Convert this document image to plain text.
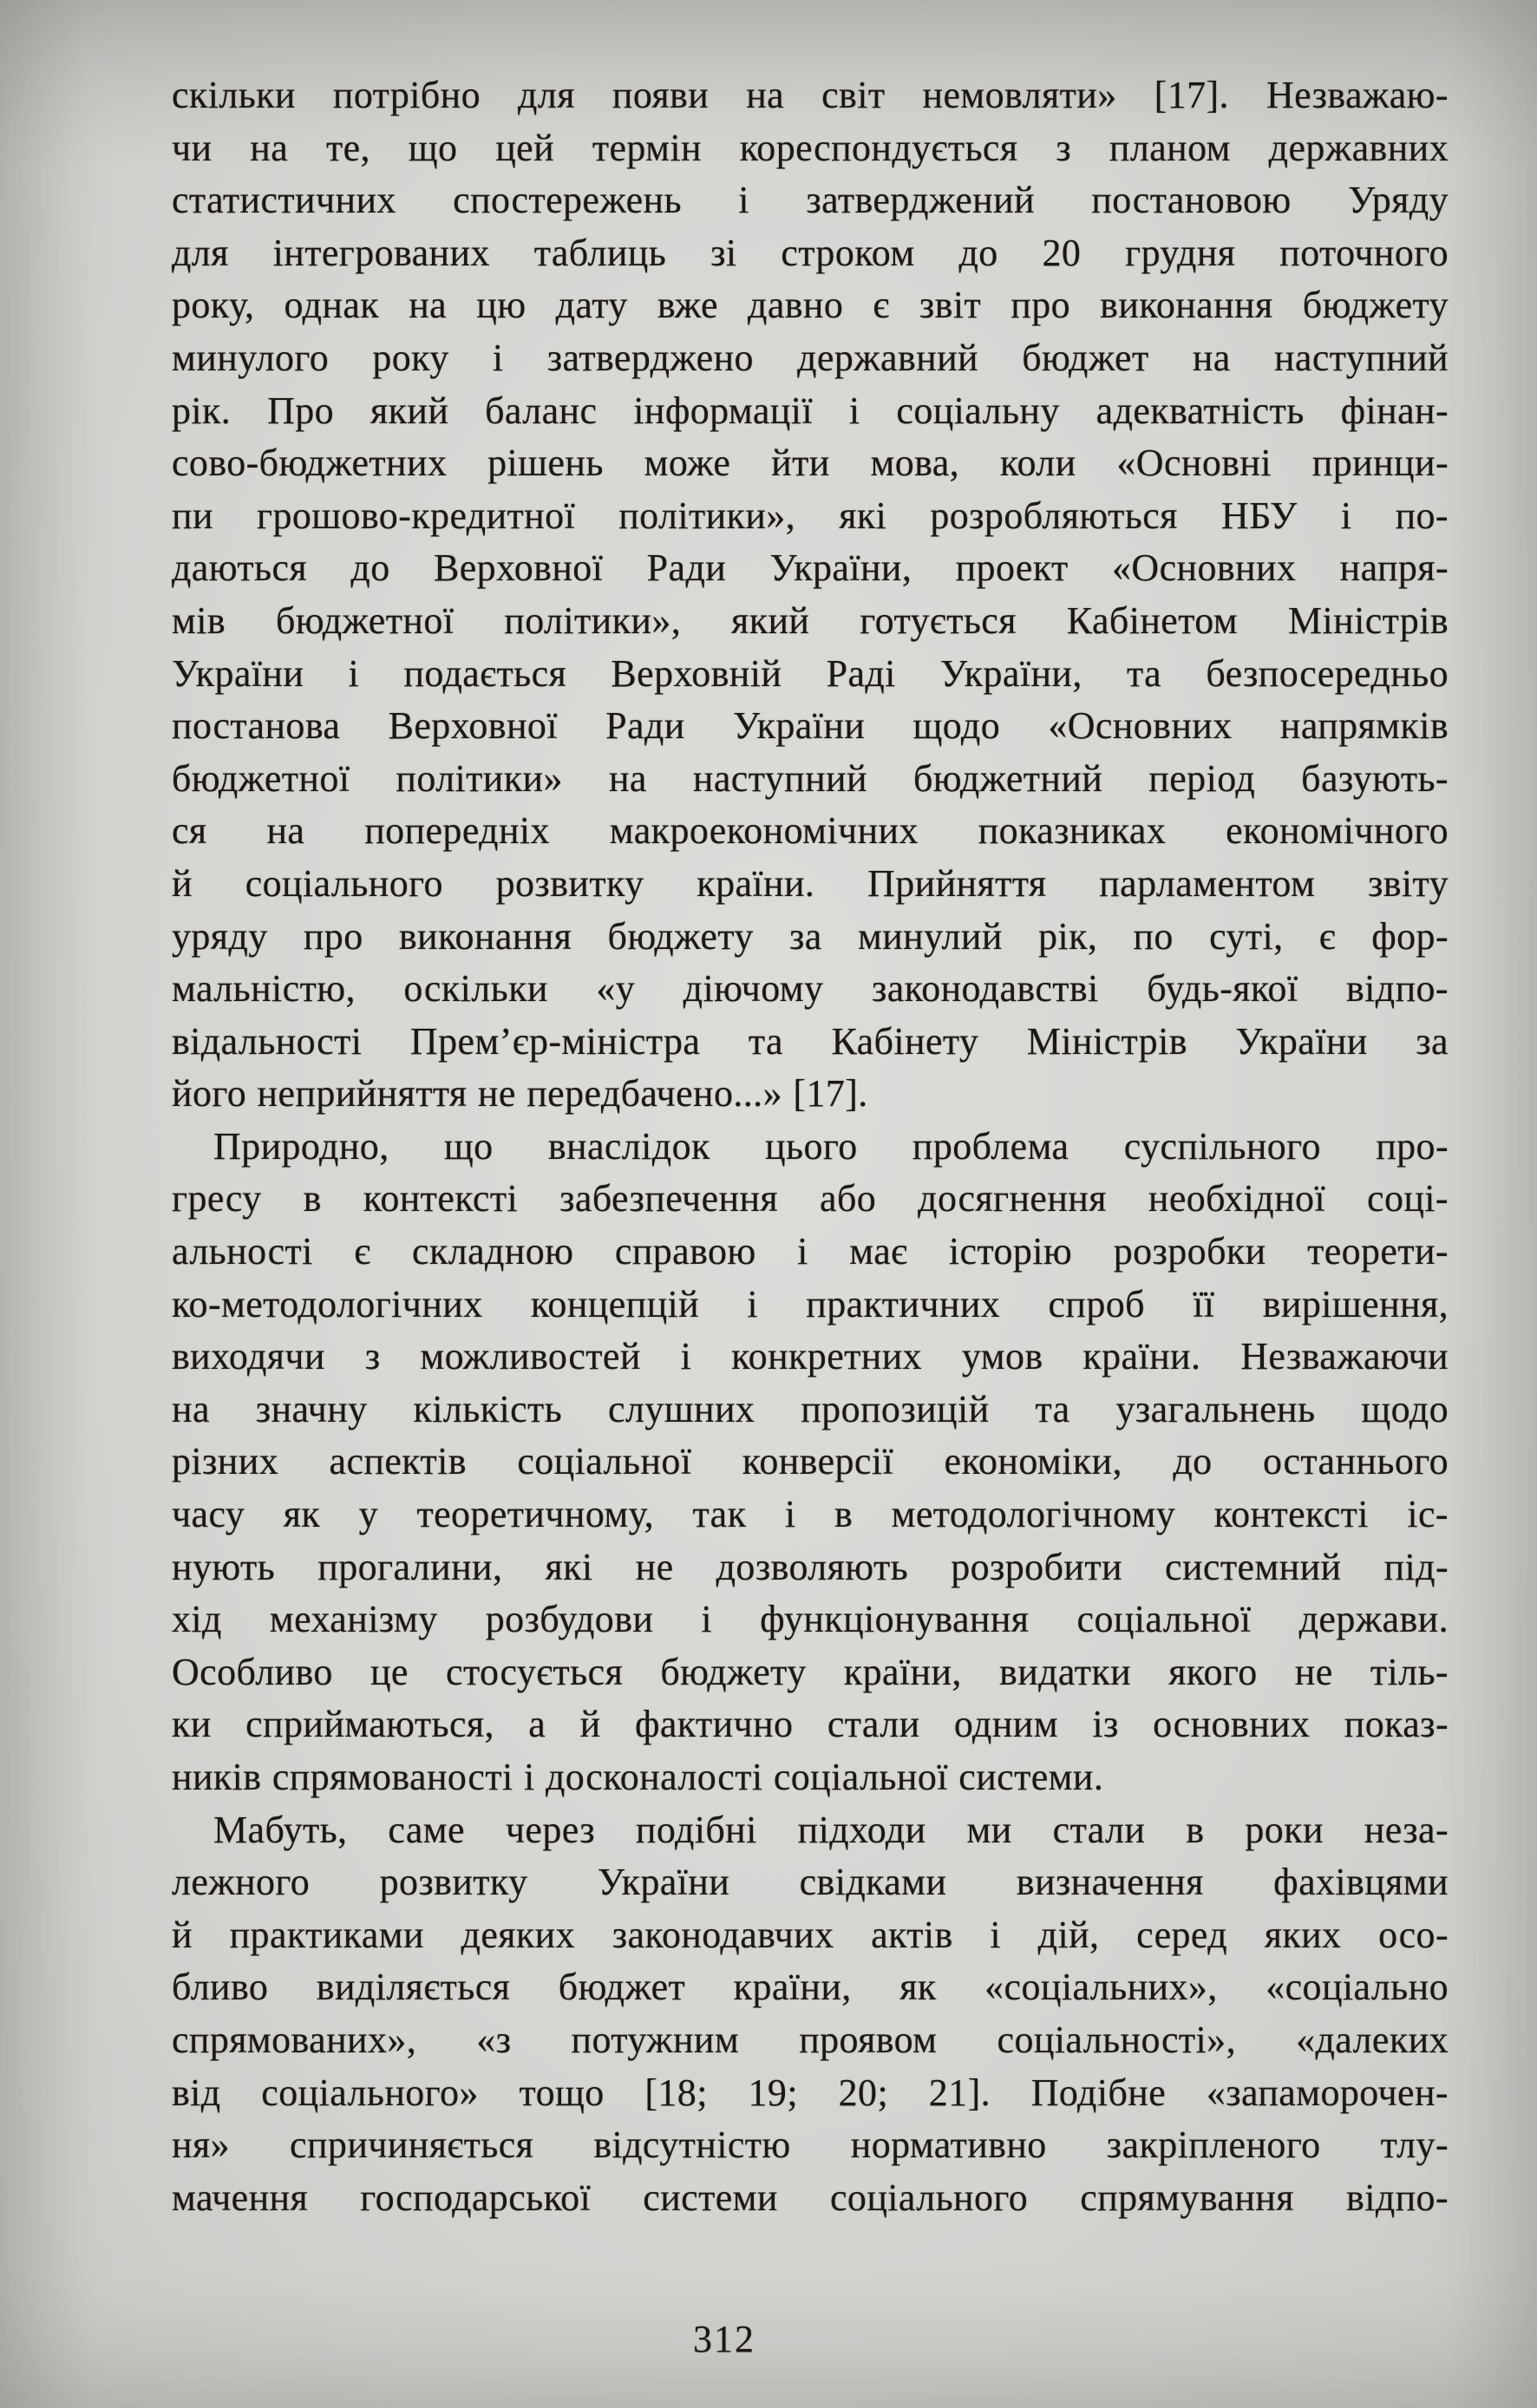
скільки потрібно для появи на світ немовляти» [17]. Незважаю-

чи на те, що цей термін кореспондується з планом державних

статистичних спостережень і затверджений постановою Уряду

для інтегрованих таблиць зі строком до 20 грудня поточного

року, однак на цю дату вже давно є звіт про виконання бюджету

минулого року і затверджено державний бюджет на наступний

рік. Про який баланс інформації і соціальну адекватність фінан-

сово-бюджетних рішень може йти мова, коли «Основні принци-

пи грошово-кредитної політики», які розробляються НБУ і по-

даються до Верховної Ради України, проект «Основних напря-

мів бюджетної політики», який готується Кабінетом Міністрів

України і подається Верховній Раді України, та безпосередньо

постанова Верховної Ради України щодо «Основних напрямків

бюджетної політики» на наступний бюджетний період базують-

ся на попередніх макроекономічних показниках економічного

й соціального розвитку країни. Прийняття парламентом звіту

уряду про виконання бюджету за минулий рік, по суті, є фор-

мальністю, оскільки «у діючому законодавстві будь-якої відпо-

відальності Прем’єр-міністра та Кабінету Міністрів України за

його неприйняття не передбачено...» [17].

Природно, що внаслідок цього проблема суспільного про-

гресу в контексті забезпечення або досягнення необхідної соці-

альності є складною справою і має історію розробки теорети-

ко-методологічних концепцій і практичних спроб її вирішення,

виходячи з можливостей і конкретних умов країни. Незважаючи

на значну кількість слушних пропозицій та узагальнень щодо

різних аспектів соціальної конверсії економіки, до останнього

часу як у теоретичному, так і в методологічному контексті іс-

нують прогалини, які не дозволяють розробити системний під-

хід механізму розбудови і функціонування соціальної держави.

Особливо це стосується бюджету країни, видатки якого не тіль-

ки сприймаються, а й фактично стали одним із основних показ-

ників спрямованості і досконалості соціальної системи.

Мабуть, саме через подібні підходи ми стали в роки неза-

лежного розвитку України свідками визначення фахівцями

й практиками деяких законодавчих актів і дій, серед яких осо-

бливо виділяється бюджет країни, як «соціальних», «соціально

спрямованих», «з потужним проявом соціальності», «далеких

від соціального» тощо [18; 19; 20; 21]. Подібне «запаморочен-

ня» спричиняється відсутністю нормативно закріпленого тлу-

мачення господарської системи соціального спрямування відпо-

312
